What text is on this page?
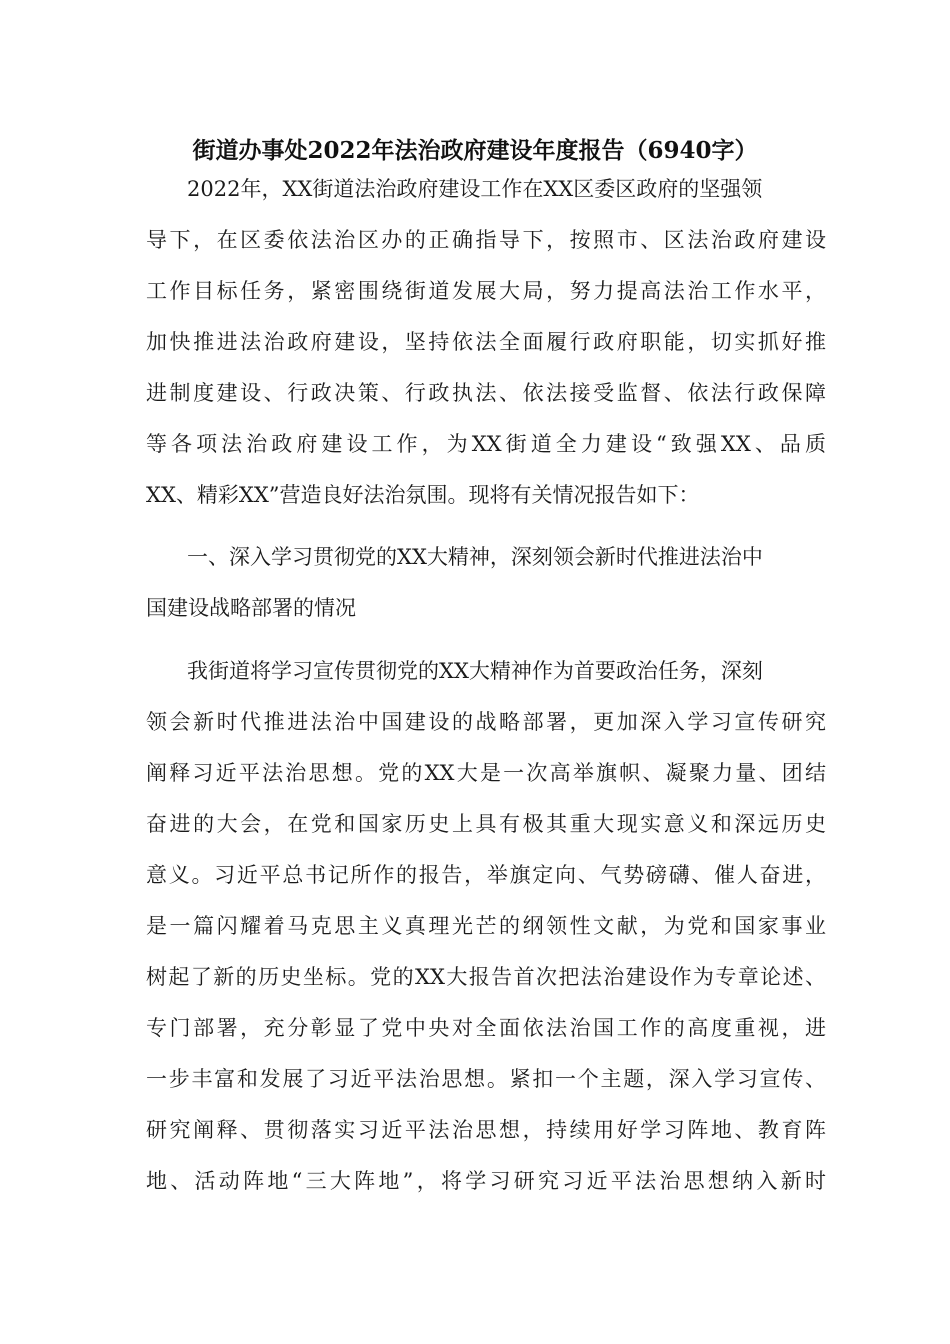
街道办事处2022年法治政府建设年度报告（6940字）

2022年，XX街道法治政府建设工作在XX区委区政府的坚强领

导下，在区委依法治区办的正确指导下，按照市、区法治政府建设

工作目标任务，紧密围绕街道发展大局，努力提高法治工作水平，

加快推进法治政府建设，坚持依法全面履行政府职能，切实抓好推

进制度建设、行政决策、行政执法、依法接受监督、依法行政保障

等各项法治政府建设工作，为XX街道全力建设“致强XX、品质

XX、精彩XX”营造良好法治氛围。现将有关情况报告如下：

一、深入学习贯彻党的XX大精神，深刻领会新时代推进法治中

国建设战略部署的情况

我街道将学习宣传贯彻党的XX大精神作为首要政治任务，深刻

领会新时代推进法治中国建设的战略部署，更加深入学习宣传研究

阐释习近平法治思想。党的XX大是一次高举旗帜、凝聚力量、团结

奋进的大会，在党和国家历史上具有极其重大现实意义和深远历史

意义。习近平总书记所作的报告，举旗定向、气势磅礴、催人奋进，

是一篇闪耀着马克思主义真理光芒的纲领性文献，为党和国家事业

树起了新的历史坐标。党的XX大报告首次把法治建设作为专章论述、

专门部署，充分彰显了党中央对全面依法治国工作的高度重视，进

一步丰富和发展了习近平法治思想。紧扣一个主题，深入学习宣传、

研究阐释、贯彻落实习近平法治思想，持续用好学习阵地、教育阵

地、活动阵地“三大阵地”，将学习研究习近平法治思想纳入新时
